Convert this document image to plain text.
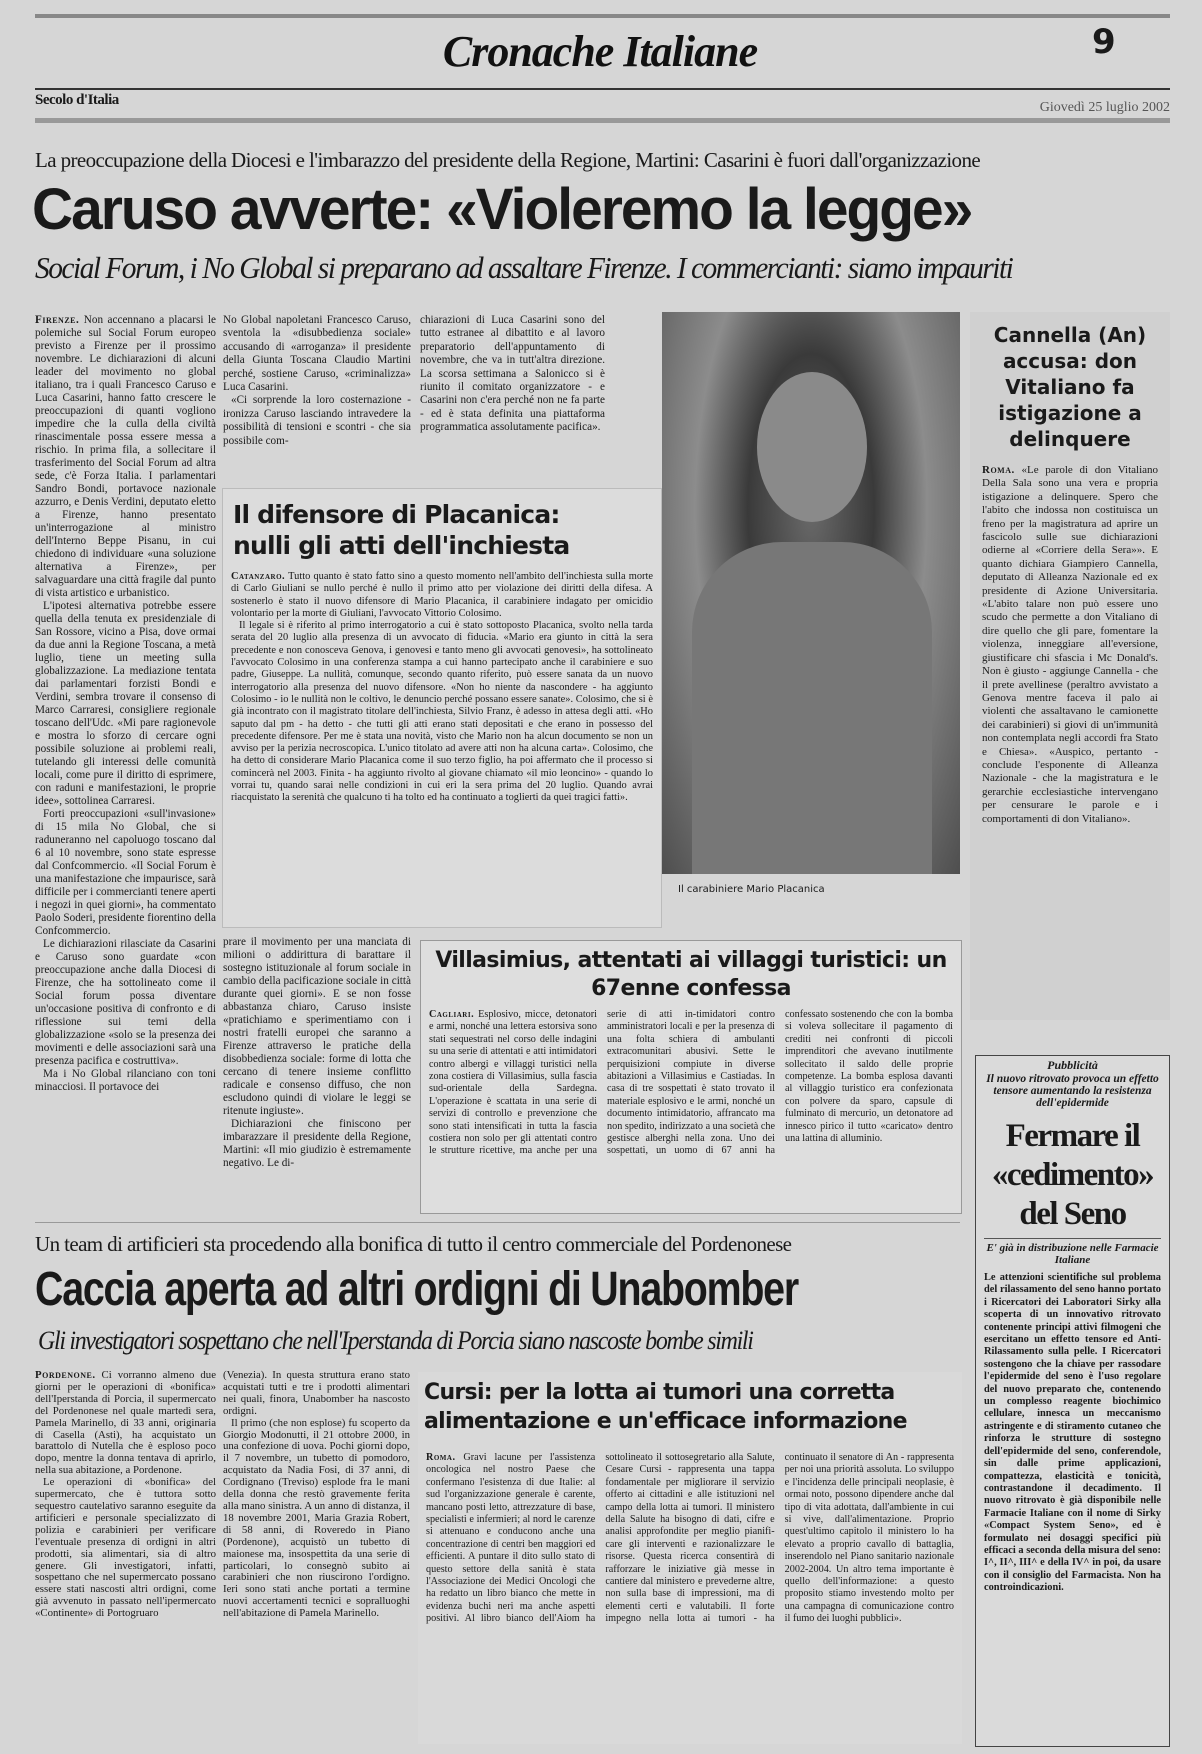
Cronache Italiane	9
Secolo d'Italia	Giovedì 25 luglio 2002
La preoccupazione della Diocesi e l'imbarazzo del presidente della Regione, Martini: Casarini è fuori dall'organizzazione
Caruso avverte: «Violeremo la legge»
Social Forum, i No Global si preparano ad assaltare Firenze. I commercianti: siamo impauriti

Firenze. Non accennano a placarsi le polemiche sul Social Forum europeo previsto a Firenze per il prossimo novembre. Le dichiarazioni di alcuni leader del movimento no global italiano, tra i quali Francesco Caruso e Luca Casarini, hanno fatto crescere le preoccupazioni di quanti vogliono impedire che la culla della civiltà rinascimentale possa essere messa a rischio. In prima fila, a sollecitare il trasferimento del Social Forum ad altra sede, c'è Forza Italia. I parlamentari Sandro Bondi, portavoce nazionale azzurro, e Denis Verdini, deputato eletto a Firenze, hanno presentato un'interrogazione al ministro dell'Interno Beppe Pisanu, in cui chiedono di individuare «una soluzione alternativa a Firenze», per salvaguardare una città fragile dal punto di vista artistico e urbanistico.

L'ipotesi alternativa potrebbe essere quella della tenuta ex presidenziale di San Rossore, vicino a Pisa, dove ormai da due anni la Regione Toscana, a metà luglio, tiene un meeting sulla globalizzazione. La mediazione tentata dai parlamentari forzisti Bondi e Verdini, sembra trovare il consenso di Marco Carraresi, consigliere regionale toscano dell'Udc. «Mi pare ragionevole e mostra lo sforzo di cercare ogni possibile soluzione ai problemi reali, tutelando gli interessi delle comunità locali, come pure il diritto di esprimere, con raduni e manifestazioni, le proprie idee», sottolinea Carraresi.

Forti preoccupazioni «sull'invasione» di 15 mila No Global, che si raduneranno nel capoluogo toscano dal 6 al 10 novembre, sono state espresse dal Confcommercio. «Il Social Forum è una manifestazione che impaurisce, sarà difficile per i commercianti tenere aperti i negozi in quei giorni», ha commentato Paolo Soderi, presidente fiorentino della Confcommercio.

Le dichiarazioni rilasciate da Casarini e Caruso sono guardate «con preoccupazione anche dalla Diocesi di Firenze, che ha sottolineato come il Social forum possa diventare un'occasione positiva di confronto e di riflessione sui temi della globalizzazione «solo se la presenza dei movimenti e delle associazioni sarà una presenza pacifica e costruttiva».

Ma i No Global rilanciano con toni minacciosi. Il portavoce dei

No Global napoletani Francesco Caruso, sventola la «disubbedienza sociale» accusando di «arroganza» il presidente della Giunta Toscana Claudio Martini perché, sostiene Caruso, «criminalizza» Luca Casarini.

«Ci sorprende la loro costernazione - ironizza Caruso lasciando intravedere la possibilità di tensioni e scontri - che sia possibile com-

chiarazioni di Luca Casarini sono del tutto estranee al dibattito e al lavoro preparatorio dell'appuntamento di novembre, che va in tutt'altra direzione. La scorsa settimana a Salonicco si è riunito il comitato organizzatore - e Casarini non c'era perché non ne fa parte - ed è stata definita una piattaforma programmatica assolutamente pacifica».

prare il movimento per una manciata di milioni o addirittura di barattare il sostegno istituzionale al forum sociale in cambio della pacificazione sociale in città durante quei giorni». E se non fosse abbastanza chiaro, Caruso insiste «pratichiamo e sperimentiamo con i nostri fratelli europei che saranno a Firenze attraverso le pratiche della disobbedienza sociale: forme di lotta che cercano di tenere insieme conflitto radicale e consenso diffuso, che non escludono quindi di violare le leggi se ritenute ingiuste».

Dichiarazioni che finiscono per imbarazzare il presidente della Regione, Martini: «Il mio giudizio è estremamente negativo. Le di-

Il carabiniere Mario Placanica
Il difensore di Placanica: nulli gli atti dell'inchiesta

Catanzaro. Tutto quanto è stato fatto sino a questo momento nell'ambito dell'inchiesta sulla morte di Carlo Giuliani se nullo perché è nullo il primo atto per violazione dei diritti della difesa. A sostenerlo è stato il nuovo difensore di Mario Placanica, il carabiniere indagato per omicidio volontario per la morte di Giuliani, l'avvocato Vittorio Colosimo.

Il legale si è riferito al primo interrogatorio a cui è stato sottoposto Placanica, svolto nella tarda serata del 20 luglio alla presenza di un avvocato di fiducia. «Mario era giunto in città la sera precedente e non conosceva Genova, i genovesi e tanto meno gli avvocati genovesi», ha sottolineato l'avvocato Colosimo in una conferenza stampa a cui hanno partecipato anche il carabiniere e suo padre, Giuseppe. La nullità, comunque, secondo quanto riferito, può essere sanata da un nuovo interrogatorio alla presenza del nuovo difensore. «Non ho niente da nascondere - ha aggiunto Colosimo - io le nullità non le coltivo, le denuncio perché possano essere sanate». Colosimo, che si è già incontrato con il magistrato titolare dell'inchiesta, Silvio Franz, è adesso in attesa degli atti. «Ho saputo dal pm - ha detto - che tutti gli atti erano stati depositati e che erano in possesso del precedente difensore. Per me è stata una novità, visto che Mario non ha alcun documento se non un avviso per la perizia necroscopica. L'unico titolato ad avere atti non ha alcuna carta». Colosimo, che ha detto di considerare Mario Placanica come il suo terzo figlio, ha poi affermato che il processo si comincerà nel 2003. Finita - ha aggiunto rivolto al giovane chiamato «il mio leoncino» - quando lo vorrai tu, quando sarai nelle condizioni in cui eri la sera prima del 20 luglio. Quando avrai riacquistato la serenità che qualcuno ti ha tolto ed ha continuato a toglierti da quei tragici fatti».

Cannella (An) accusa: don Vitaliano fa istigazione a delinquere

Roma. «Le parole di don Vitaliano Della Sala sono una vera e propria istigazione a delinquere. Spero che l'abito che indossa non costituisca un freno per la magistratura ad aprire un fascicolo sulle sue dichiarazioni odierne al «Corriere della Sera»». E quanto dichiara Giampiero Cannella, deputato di Alleanza Nazionale ed ex presidente di Azione Universitaria. «L'abito talare non può essere uno scudo che permette a don Vitaliano di dire quello che gli pare, fomentare la violenza, inneggiare all'eversione, giustificare chi sfascia i Mc Donald's. Non è giusto - aggiunge Cannella - che il prete avellinese (peraltro avvistato a Genova mentre faceva il palo ai violenti che assaltavano le camionette dei carabinieri) si giovi di un'immunità non contemplata negli accordi fra Stato e Chiesa». «Auspico, pertanto - conclude l'esponente di Alleanza Nazionale - che la magistratura e le gerarchie ecclesiastiche intervengano per censurare le parole e i comportamenti di don Vitaliano».

Villasimius, attentati ai villaggi turistici: un 67enne confessa

Cagliari. Esplosivo, micce, detonatori e armi, nonché una lettera estorsiva sono stati sequestrati nel corso delle indagini su una serie di attentati e atti intimidatori contro albergi e villaggi turistici nella zona costiera di Villasimius, sulla fascia sud-orientale della Sardegna. L'operazione è scattata in una serie di servizi di controllo e prevenzione che sono stati intensificati in tutta la fascia costiera non solo per gli attentati contro le strutture ricettive, ma anche per una serie di atti in-timidatori contro amministratori locali e per la presenza di una folta schiera di ambulanti extracomunitari abusivi. Sette le perquisizioni compiute in diverse abitazioni a Villasimius e Castiadas. In casa di tre sospettati è stato trovato il materiale esplosivo e le armi, nonché un documento intimidatorio, affrancato ma non spedito, indirizzato a una società che gestisce alberghi nella zona. Uno dei sospettati, un uomo di 67 anni ha confessato sostenendo che con la bomba si voleva sollecitare il pagamento di crediti nei confronti di piccoli imprenditori che avevano inutilmente sollecitato il saldo delle proprie competenze. La bomba esplosa davanti al villaggio turistico era confezionata con polvere da sparo, capsule di fulminato di mercurio, un detonatore ad innesco pirico il tutto «caricato» dentro una lattina di alluminio.

Un team di artificieri sta procedendo alla bonifica di tutto il centro commerciale del Pordenonese
Caccia aperta ad altri ordigni di Unabomber
Gli investigatori sospettano che nell'Iperstanda di Porcia siano nascoste bombe simili

Pordenone. Ci vorranno almeno due giorni per le operazioni di «bonifica» dell'Iperstanda di Porcia, il supermercato del Pordenonese nel quale martedì sera, Pamela Marinello, di 33 anni, originaria di Casella (Asti), ha acquistato un barattolo di Nutella che è esploso poco dopo, mentre la donna tentava di aprirlo, nella sua abitazione, a Pordenone.

Le operazioni di «bonifica» del supermercato, che è tuttora sotto sequestro cautelativo saranno eseguite da artificieri e personale specializzato di polizia e carabinieri per verificare l'eventuale presenza di ordigni in altri prodotti, sia alimentari, sia di altro genere. Gli investigatori, infatti, sospettano che nel supermercato possano essere stati nascosti altri ordigni, come già avvenuto in passato nell'ipermercato «Continente» di Portogruaro

(Venezia). In questa struttura erano stato acquistati tutti e tre i prodotti alimentari nei quali, finora, Unabomber ha nascosto ordigni.

Il primo (che non esplose) fu scoperto da Giorgio Modonutti, il 21 ottobre 2000, in una confezione di uova. Pochi giorni dopo, il 7 novembre, un tubetto di pomodoro, acquistato da Nadia Fosi, di 37 anni, di Cordignano (Treviso) esplode fra le mani della donna che restò gravemente ferita alla mano sinistra. A un anno di distanza, il 18 novembre 2001, Maria Grazia Robert, di 58 anni, di Roveredo in Piano (Pordenone), acquistò un tubetto di maionese ma, insospettita da una serie di particolari, lo consegnò subito ai carabinieri che non riuscirono l'ordigno. Ieri sono stati anche portati a termine nuovi accertamenti tecnici e sopralluoghi nell'abitazione di Pamela Marinello.

Cursi: per la lotta ai tumori una corretta alimentazione e un'efficace informazione

Roma. Gravi lacune per l'assistenza oncologica nel nostro Paese che confermano l'esistenza di due Italie: al sud l'organizzazione generale è carente, mancano posti letto, attrezzature di base, specialisti e infermieri; al nord le carenze si attenuano e conducono anche una concentrazione di centri ben maggiori ed efficienti. A puntare il dito sullo stato di questo settore della sanità è stata l'Associazione dei Medici Oncologi che ha redatto un libro bianco che mette in evidenza buchi neri ma anche aspetti positivi. Al libro bianco dell'Aiom ha sottolineato il sottosegretario alla Salute, Cesare Cursi - rappresenta una tappa fondamentale per migliorare il servizio offerto ai cittadini e alle istituzioni nel campo della lotta ai tumori. Il ministero della Salute ha bisogno di dati, cifre e analisi approfondite per meglio pianifi-care gli interventi e razionalizzare le risorse. Questa ricerca consentirà di rafforzare le iniziative già messe in cantiere dal ministero e prevederne altre, non sulla base di impressioni, ma di elementi certi e valutabili. Il forte impegno nella lotta ai tumori - ha continuato il senatore di An - rappresenta per noi una priorità assoluta. Lo sviluppo e l'incidenza delle principali neoplasie, è ormai noto, possono dipendere anche dal tipo di vita adottata, dall'ambiente in cui si vive, dall'alimentazione. Proprio quest'ultimo capitolo il ministero lo ha elevato a proprio cavallo di battaglia, inserendolo nel Piano sanitario nazionale 2002-2004. Un altro tema importante è quello dell'informazione: a questo proposito stiamo investendo molto per una campagna di comunicazione contro il fumo dei luoghi pubblici».

Pubblicità
Il nuovo ritrovato provoca un effetto tensore aumentando la resistenza dell'epidermide
Fermare il «cedimento» del Seno
E' già in distribuzione nelle Farmacie Italiane
Le attenzioni scientifiche sul problema del rilassamento del seno hanno portato i Ricercatori dei Laboratori Sirky alla scoperta di un innovativo ritrovato contenente principi attivi filmogeni che esercitano un effetto tensore ed Anti-Rilassamento sulla pelle. I Ricercatori sostengono che la chiave per rassodare l'epidermide del seno è l'uso regolare del nuovo preparato che, contenendo un complesso reagente biochimico cellulare, innesca un meccanismo astringente e di stiramento cutaneo che rinforza le strutture di sostegno dell'epidermide del seno, conferendole, sin dalle prime applicazioni, compattezza, elasticità e tonicità, contrastandone il decadimento. Il nuovo ritrovato è già disponibile nelle Farmacie Italiane con il nome di Sirky «Compact System Seno», ed è formulato nei dosaggi specifici più efficaci a seconda della misura del seno: I^, II^, III^ e della IV^ in poi, da usare con il consiglio del Farmacista. Non ha controindicazioni.
